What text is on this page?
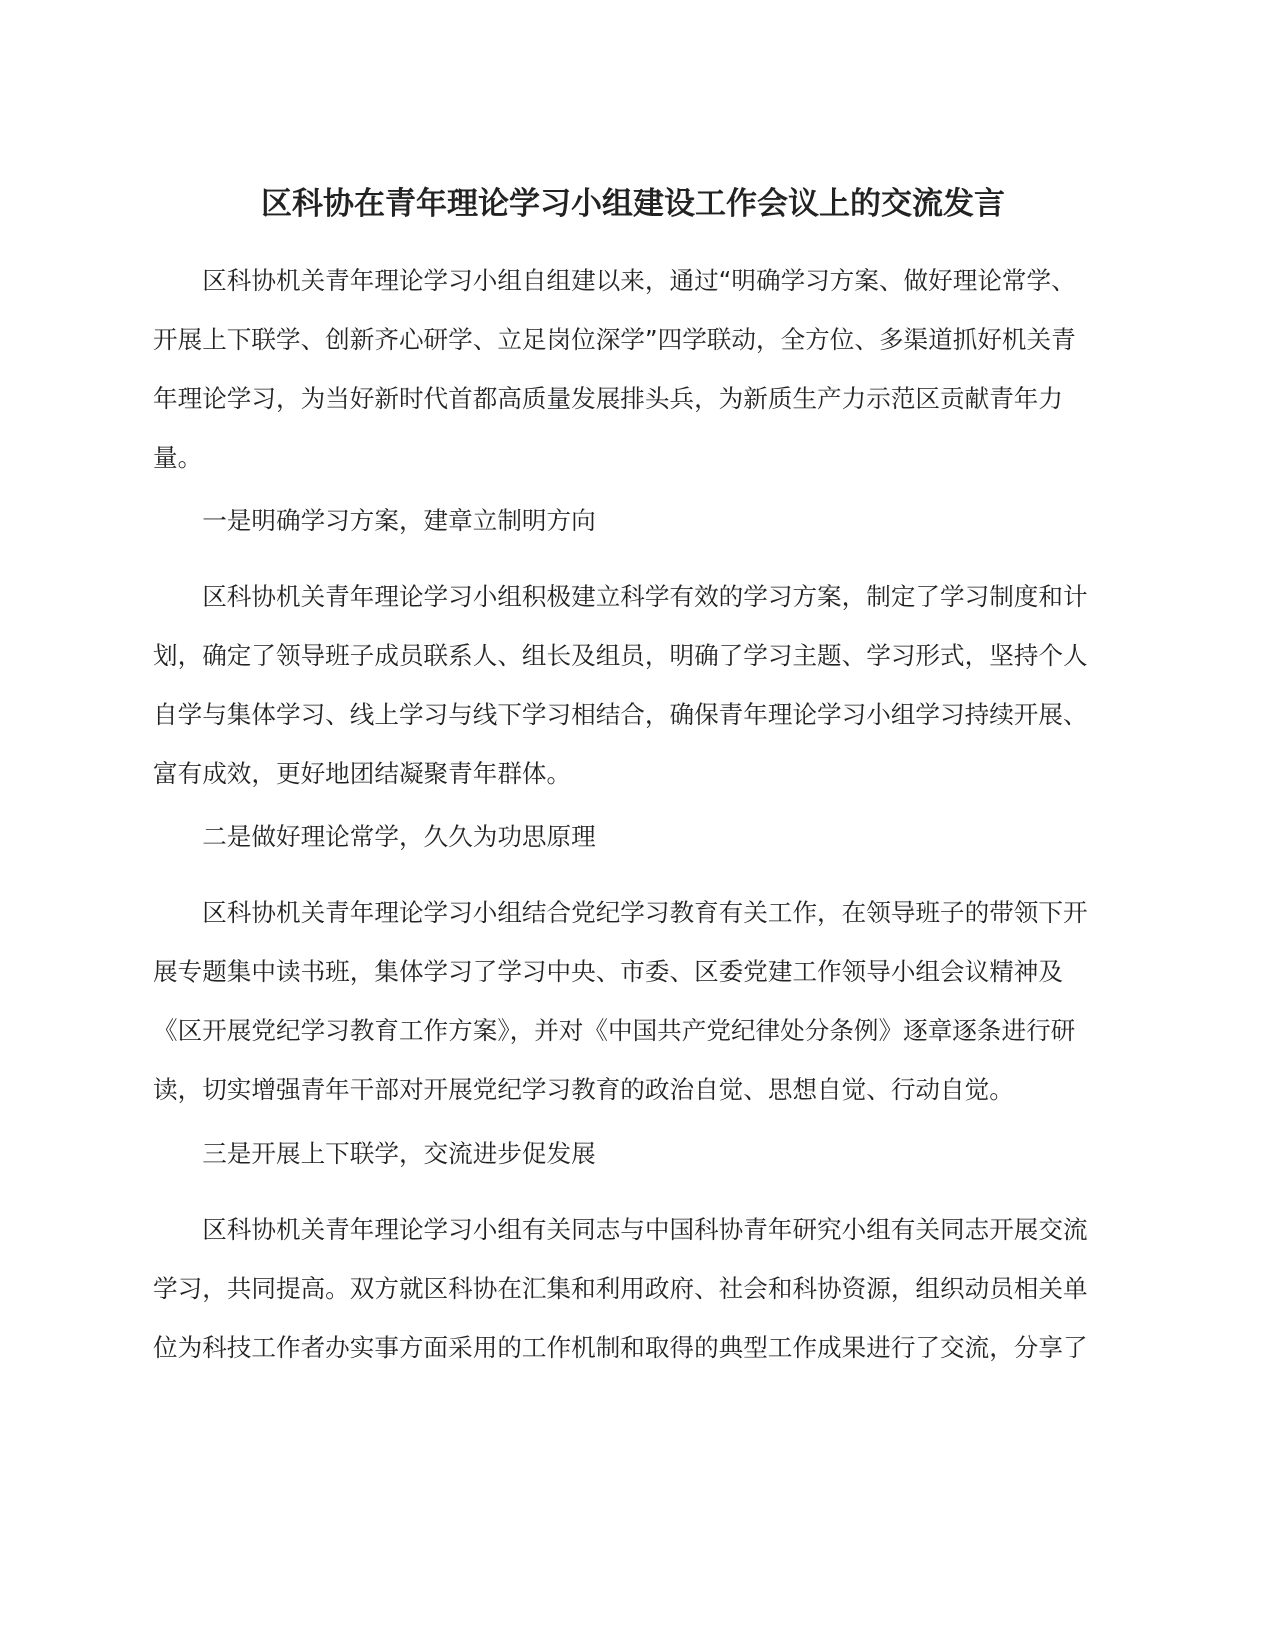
区科协在青年理论学习小组建设工作会议上的交流发言
区科协机关青年理论学习小组自组建以来，通过“明确学习方案、做好理论常学、
开展上下联学、创新齐心研学、立足岗位深学”四学联动，全方位、多渠道抓好机关青
年理论学习，为当好新时代首都高质量发展排头兵，为新质生产力示范区贡献青年力
量。

一是明确学习方案，建章立制明方向

区科协机关青年理论学习小组积极建立科学有效的学习方案，制定了学习制度和计
划，确定了领导班子成员联系人、组长及组员，明确了学习主题、学习形式，坚持个人
自学与集体学习、线上学习与线下学习相结合，确保青年理论学习小组学习持续开展、
富有成效，更好地团结凝聚青年群体。

二是做好理论常学，久久为功思原理

区科协机关青年理论学习小组结合党纪学习教育有关工作，在领导班子的带领下开
展专题集中读书班，集体学习了学习中央、市委、区委党建工作领导小组会议精神及
《区开展党纪学习教育工作方案》，并对《中国共产党纪律处分条例》逐章逐条进行研
读，切实增强青年干部对开展党纪学习教育的政治自觉、思想自觉、行动自觉。

三是开展上下联学，交流进步促发展

区科协机关青年理论学习小组有关同志与中国科协青年研究小组有关同志开展交流
学习，共同提高。双方就区科协在汇集和利用政府、社会和科协资源，组织动员相关单
位为科技工作者办实事方面采用的工作机制和取得的典型工作成果进行了交流，分享了
